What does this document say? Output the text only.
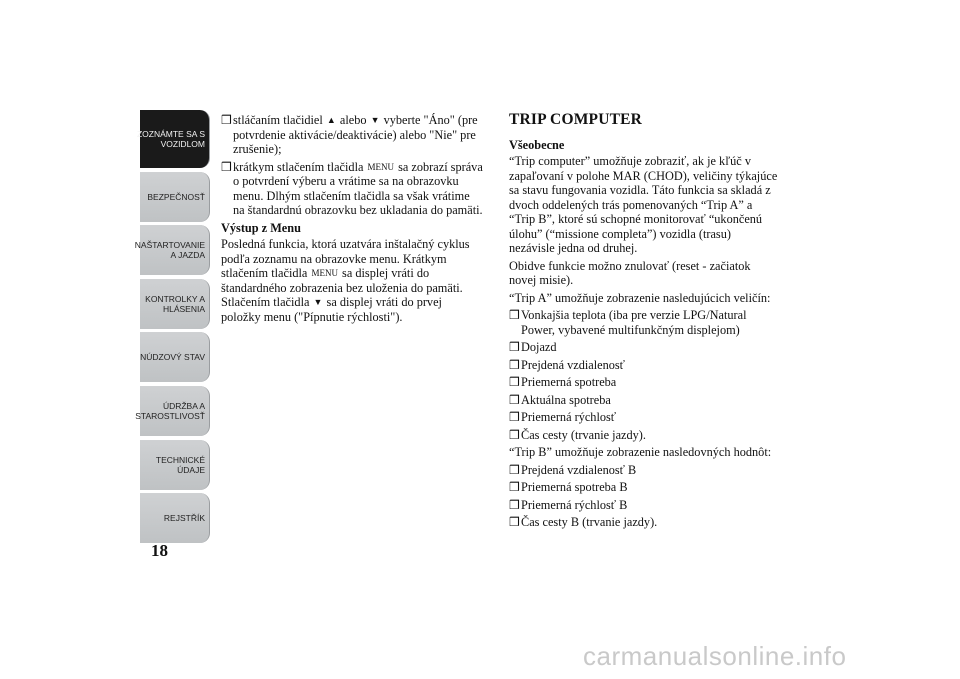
ZOZNÁMTE SA S
VOZIDLOM
BEZPEČNOSŤ
NAŠTARTOVANIE
A JAZDA
KONTROLKY A
HLÁSENIA
NÚDZOVÝ STAV
ÚDRŽBA A
STAROSTLIVOSŤ
TECHNICKÉ
ÚDAJE
REJSTŘÍK
18
❒ stláčaním tlačidiel ▲ alebo ▼ vyberte "Áno" (pre potvrdenie aktivácie/deaktivácie) alebo "Nie" pre zrušenie);
❒ krátkym stlačením tlačidla MENU sa zobrazí správa o potvrdení výberu a vrátime sa na obrazovku menu. Dlhým stlačením tlačidla sa však vrátime na štandardnú obrazovku bez ukladania do pamäti.
Výstup z Menu

Posledná funkcia, ktorá uzatvára inštalačný cyklus podľa zoznamu na obrazovke menu. Krátkym stlačením tlačidla MENU sa displej vráti do štandardného zobrazenia bez uloženia do pamäti. Stlačením tlačidla ▼ sa displej vráti do prvej položky menu ("Pípnutie rýchlosti").

TRIP COMPUTER
Všeobecne

“Trip computer” umožňuje zobraziť, ak je kľúč v zapaľovaní v polohe MAR (CHOD), veličiny týkajúce sa stavu fungovania vozidla. Táto funkcia sa skladá z dvoch oddelených trás pomenovaných “Trip A” a “Trip B”, ktoré sú schopné monitorovať “ukončenú úlohu” (“missione completa”) vozidla (trasu) nezávisle jedna od druhej.

Obidve funkcie možno znulovať (reset - začiatok novej misie).

“Trip A” umožňuje zobrazenie nasledujúcich veličín:

❒ Vonkajšia teplota (iba pre verzie LPG/Natural Power, vybavené multifunkčným displejom)
❒ Dojazd
❒ Prejdená vzdialenosť
❒ Priemerná spotreba
❒ Aktuálna spotreba
❒ Priemerná rýchlosť
❒ Čas cesty (trvanie jazdy).

“Trip B” umožňuje zobrazenie nasledovných hodnôt:

❒ Prejdená vzdialenosť B
❒ Priemerná spotreba B
❒ Priemerná rýchlosť B
❒ Čas cesty B (trvanie jazdy).
carmanualsonline.info
